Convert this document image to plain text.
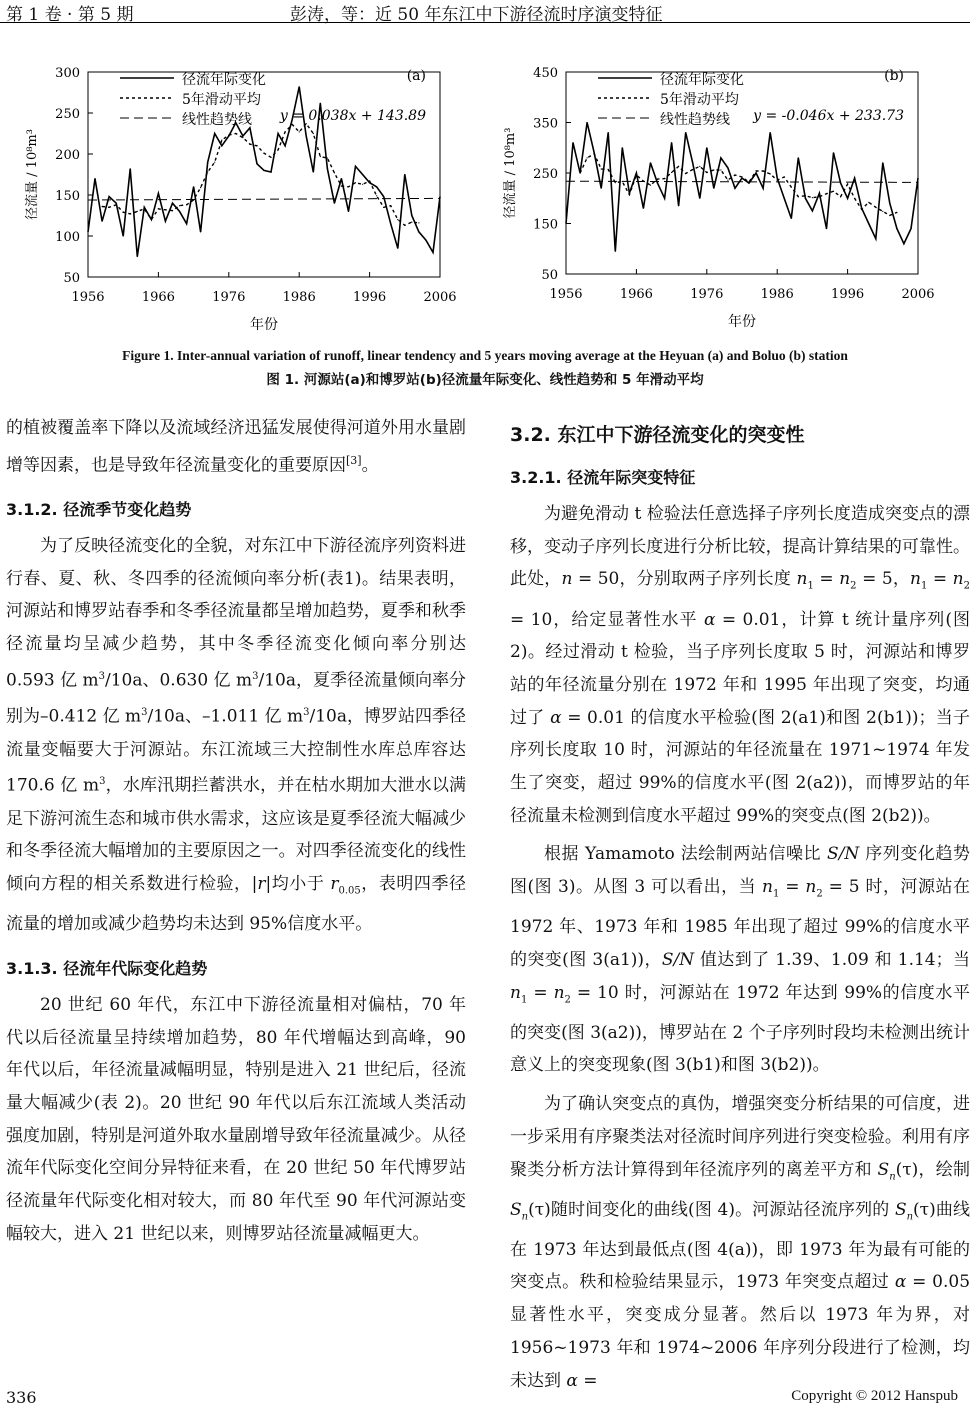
第 1 卷 · 第 5 期	彭涛，等：近 50 年东江中下游径流时序演变特征
50
100
150
200
250
300
1956	1966	1976	1986	1996	2006
年份
径流量 / 10⁸m³
径流年际变化
5年滑动平均
线性趋势线
(a)
y = 0.038x + 143.89
50
150
250
350
450
1956	1966	1976	1986	1996	2006
年份
径流量 / 10⁸m³
径流年际变化
5年滑动平均
线性趋势线
(b)
y = -0.046x + 233.73
Figure 1. Inter-annual variation of runoff, linear tendency and 5 years moving average at the Heyuan (a) and Boluo (b) station
图 1. 河源站(a)和博罗站(b)径流量年际变化、线性趋势和 5 年滑动平均

的植被覆盖率下降以及流域经济迅猛发展使得河道外用水量剧增等因素，也是导致年径流量变化的重要原因[3]。

3.1.2. 径流季节变化趋势

为了反映径流变化的全貌，对东江中下游径流序列资料进行春、夏、秋、冬四季的径流倾向率分析(表1)。结果表明，河源站和博罗站春季和冬季径流量都呈增加趋势，夏季和秋季径流量均呈减少趋势，其中冬季径流变化倾向率分别达 0.593 亿 $m^3/10a$、0.630 亿 $m^3/10a$，夏季径流量倾向率分别为–0.412 亿 $m^3/10a$、–1.011 亿 $m^3/10a$，博罗站四季径流量变幅要大于河源站。东江流域三大控制性水库总库容达 170.6 亿 $m^3$，水库汛期拦蓄洪水，并在枯水期加大泄水以满足下游河流生态和城市供水需求，这应该是夏季径流大幅减少和冬季径流大幅增加的主要原因之一。对四季径流变化的线性倾向方程的相关系数进行检验，|r|均小于 $r_{0.05}$，表明四季径流量的增加或减少趋势均未达到 95%信度水平。

3.1.3. 径流年代际变化趋势

20 世纪 60 年代，东江中下游径流量相对偏枯，70 年代以后径流量呈持续增加趋势，80 年代增幅达到高峰，90 年代以后，年径流量减幅明显，特别是进入 21 世纪后，径流量大幅减少(表 2)。20 世纪 90 年代以后东江流域人类活动强度加剧，特别是河道外取水量剧增导致年径流量减少。从径流年代际变化空间分异特征来看，在 20 世纪 50 年代博罗站径流量年代际变化相对较大，而 80 年代至 90 年代河源站变幅较大，进入 21 世纪以来，则博罗站径流量减幅更大。

3.2. 东江中下游径流变化的突变性
3.2.1. 径流年际突变特征

为避免滑动 t 检验法任意选择子序列长度造成突变点的漂移，变动子序列长度进行分析比较，提高计算结果的可靠性。此处，n = 50，分别取两子序列长度 $n_1 = n_2 = 5$，$n_1 = n_2 = 10$，给定显著性水平 α = 0.01，计算 t 统计量序列(图 2)。经过滑动 t 检验，当子序列长度取 5 时，河源站和博罗站的年径流量分别在 1972 年和 1995 年出现了突变，均通过了 α = 0.01 的信度水平检验(图 2(a1)和图 2(b1))；当子序列长度取 10 时，河源站的年径流量在 1971~1974 年发生了突变，超过 99%的信度水平(图 2(a2))，而博罗站的年径流量未检测到信度水平超过 99%的突变点(图 2(b2))。

根据 Yamamoto 法绘制两站信噪比 S/N 序列变化趋势图(图 3)。从图 3 可以看出，当 $n_1 = n_2 = 5$ 时，河源站在 1972 年、1973 年和 1985 年出现了超过 99%的信度水平的突变(图 3(a1))，S/N 值达到了 1.39、1.09 和 1.14；当 $n_1 = n_2 = 10$ 时，河源站在 1972 年达到 99%的信度水平的突变(图 3(a2))，博罗站在 2 个子序列时段均未检测出统计意义上的突变现象(图 3(b1)和图 3(b2))。

为了确认突变点的真伪，增强突变分析结果的可信度，进一步采用有序聚类法对径流时间序列进行突变检验。利用有序聚类分析方法计算得到年径流序列的离差平方和 $S_n(\tau)$，绘制 $S_n(\tau)$随时间变化的曲线(图 4)。河源站径流序列的 $S_n(\tau)$曲线在 1973 年达到最低点(图 4(a))，即 1973 年为最有可能的突变点。秩和检验结果显示，1973 年突变点超过 α = 0.05 显著性水平，突变成分显著。然后以 1973 年为界，对 1956~1973 年和 1974~2006 年序列分段进行了检测，均未达到 α =

336	Copyright © 2012 Hanspub
